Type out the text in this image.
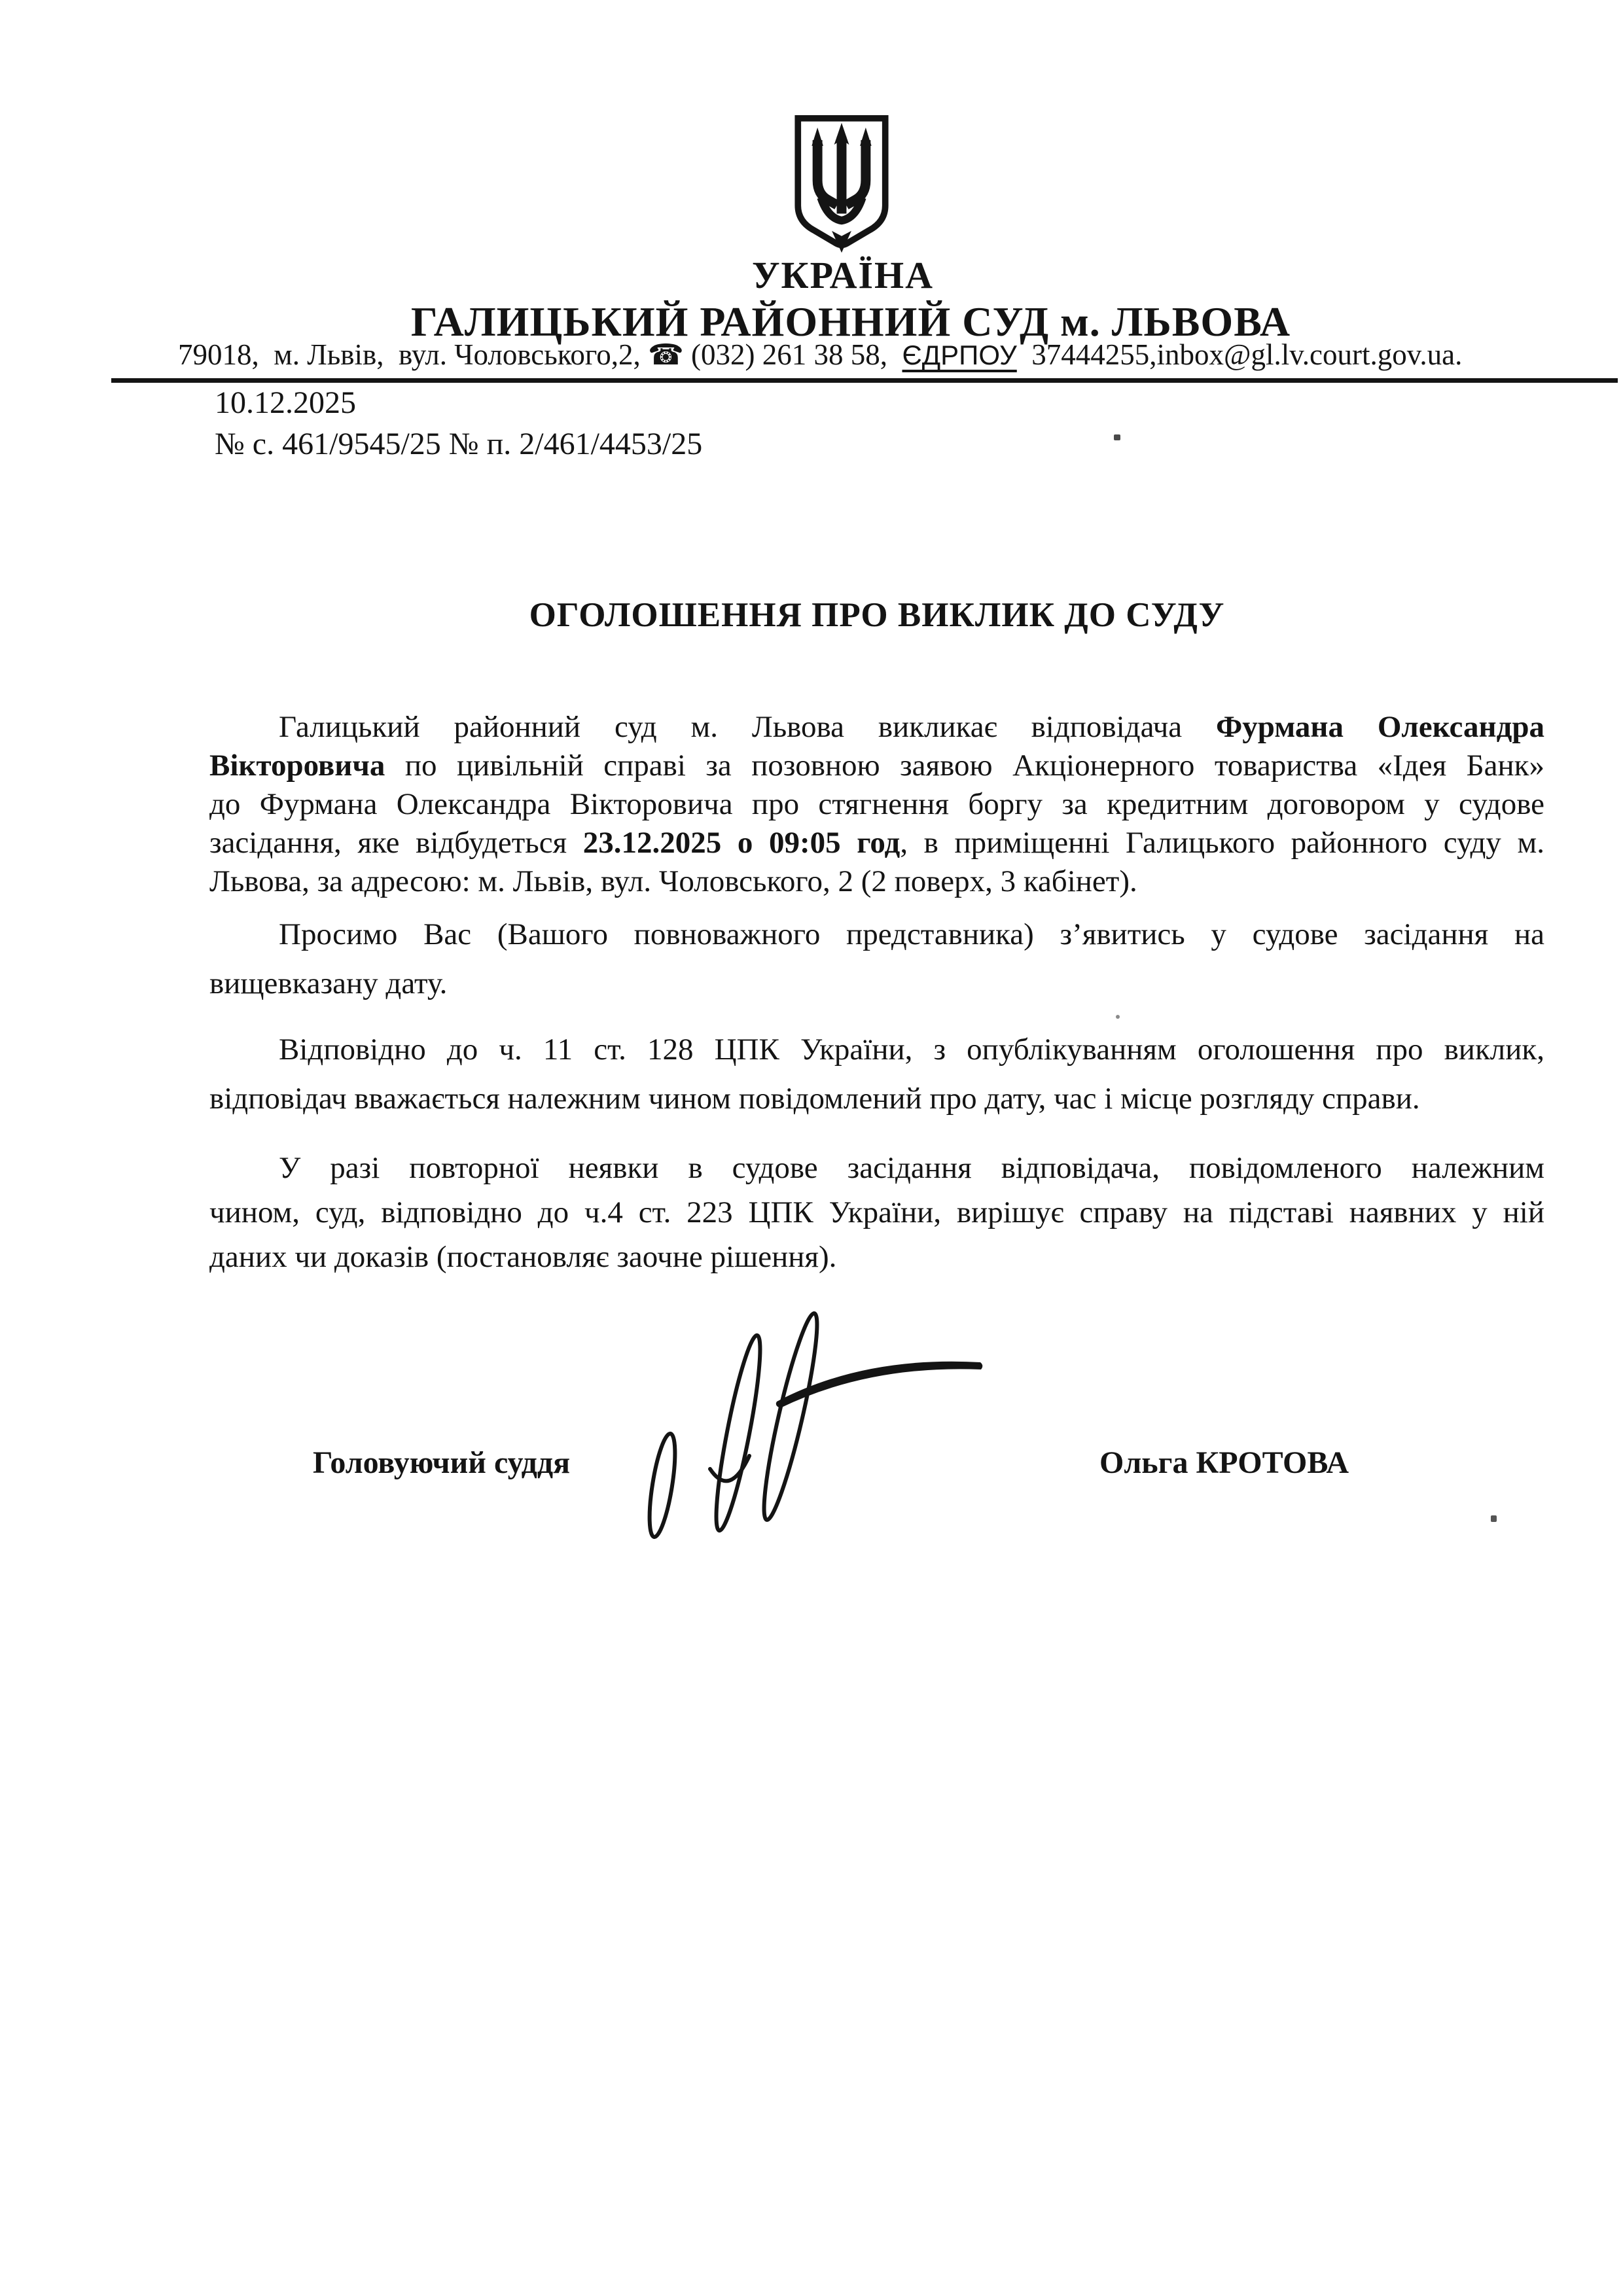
УКРАЇНА
ГАЛИЦЬКИЙ РАЙОННИЙ СУД м. ЛЬВОВА
79018,  м. Львів,  вул. Чоловського,2, ☎ (032) 261 38 58,  ЄДРПОУ  37444255,inbox@gl.lv.court.gov.ua.
10.12.2025
№ с. 461/9545/25 № п. 2/461/4453/25
ОГОЛОШЕННЯ ПРО ВИКЛИК ДО СУДУ
Галицький районний суд м. Львова викликає відповідача Фурмана Олександра
Вікторовича по цивільній справі за позовною заявою Акціонерного товариства «Ідея Банк»
до Фурмана Олександра Вікторовича про стягнення боргу за кредитним договором у судове
засідання, яке відбудеться 23.12.2025 о 09:05 год, в приміщенні Галицького районного суду м.
Львова, за адресою: м. Львів, вул. Чоловського, 2 (2 поверх, 3 кабінет).
Просимо Вас (Вашого повноважного представника) з’явитись у судове засідання на
вищевказану дату.
Відповідно до ч. 11 ст. 128 ЦПК України, з опублікуванням оголошення про виклик,
відповідач вважається належним чином повідомлений про дату, час і місце розгляду справи.
У разі повторної неявки в судове засідання відповідача, повідомленого належним
чином, суд, відповідно до ч.4 ст. 223 ЦПК України, вирішує справу на підставі наявних у ній
даних чи доказів (постановляє заочне рішення).
Головуючий суддя	Ольга КРОТОВА
